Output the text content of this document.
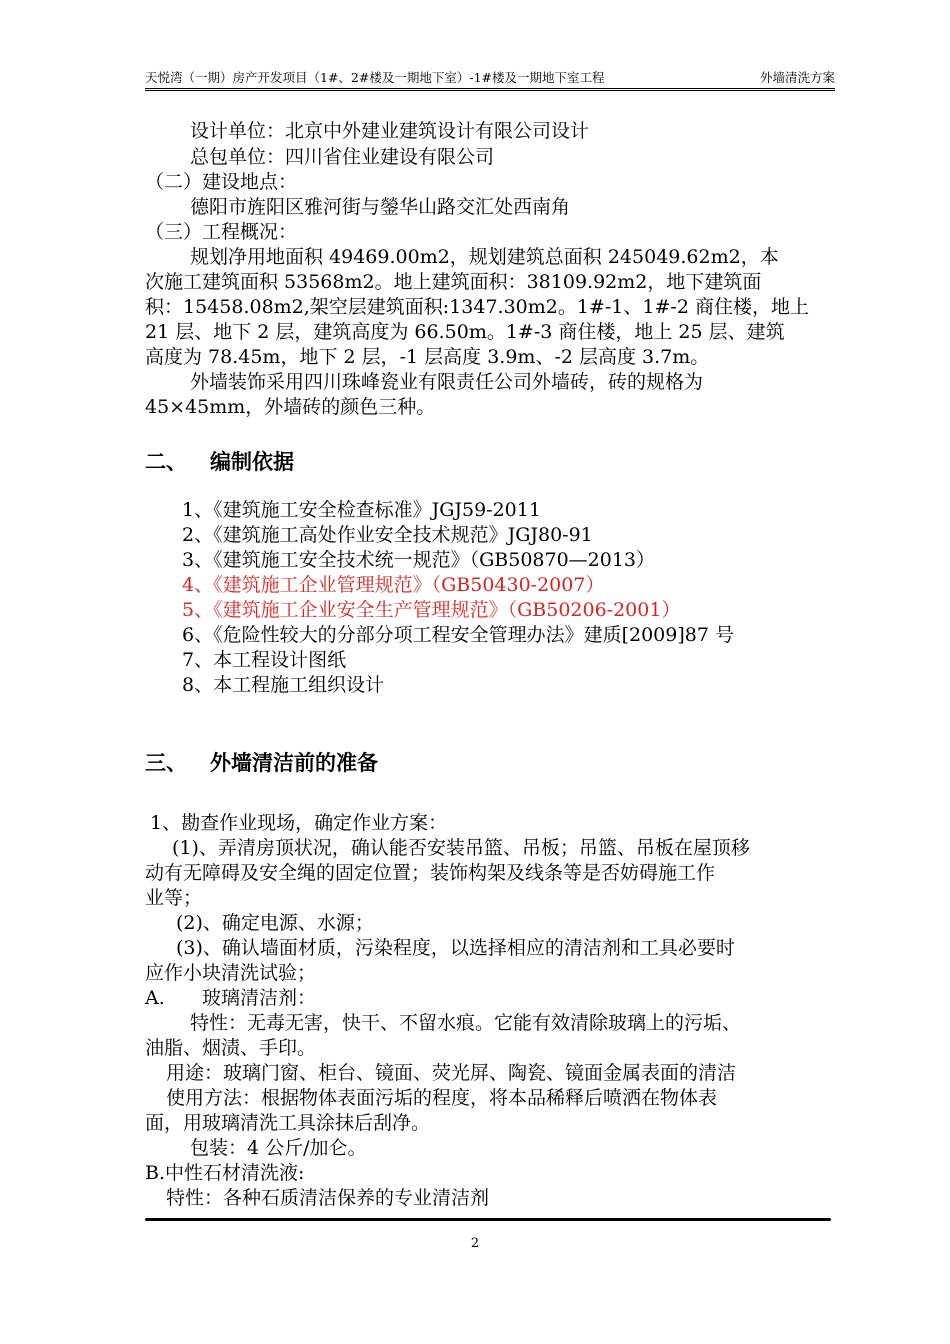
天悦湾（一期）房产开发项目（1#、2#楼及一期地下室）-1#楼及一期地下室工程	外墙清洗方案
设计单位：北京中外建业建筑设计有限公司设计
总包单位：四川省住业建设有限公司
（二）建设地点：
德阳市旌阳区雅河街与鎣华山路交汇处西南角
（三）工程概况：
规划净用地面积 49469.00m2，规划建筑总面积 245049.62m2，本
次施工建筑面积 53568m2。地上建筑面积：38109.92m2，地下建筑面
积：15458.08m2,架空层建筑面积:1347.30m2。1#-1、1#-2 商住楼，地上
21 层、地下 2 层，建筑高度为 66.50m。1#-3 商住楼，地上 25 层、建筑
高度为 78.45m，地下 2 层，-1 层高度 3.9m、-2 层高度 3.7m。
外墙装饰采用四川珠峰瓷业有限责任公司外墙砖，砖的规格为
45×45mm，外墙砖的颜色三种。
二、 编制依据
1、《建筑施工安全检查标准》JGJ59-2011
2、《建筑施工高处作业安全技术规范》JGJ80-91
3、《建筑施工安全技术统一规范》（GB50870—2013）
4、《建筑施工企业管理规范》（GB50430-2007）
5、《建筑施工企业安全生产管理规范》（GB50206-2001）
6、《危险性较大的分部分项工程安全管理办法》建质[2009]87 号
7、本工程设计图纸
8、本工程施工组织设计
三、 外墙清洁前的准备
1、勘查作业现场，确定作业方案：
(1)、弄清房顶状况，确认能否安装吊篮、吊板；吊篮、吊板在屋顶移
动有无障碍及安全绳的固定位置；装饰构架及线条等是否妨碍施工作
业等；
(2)、确定电源、水源；
(3)、确认墙面材质，污染程度，以选择相应的清洁剂和工具必要时
应作小块清洗试验；
A. 玻璃清洁剂：
特性：无毒无害，快干、不留水痕。它能有效清除玻璃上的污垢、
油脂、烟渍、手印。
用途：玻璃门窗、柜台、镜面、荧光屏、陶瓷、镜面金属表面的清洁
使用方法：根据物体表面污垢的程度，将本品稀释后喷洒在物体表
面，用玻璃清洗工具涂抹后刮净。
包装：4 公斤/加仑。
B.中性石材清洗液:
特性：各种石质清洁保养的专业清洁剂
2
